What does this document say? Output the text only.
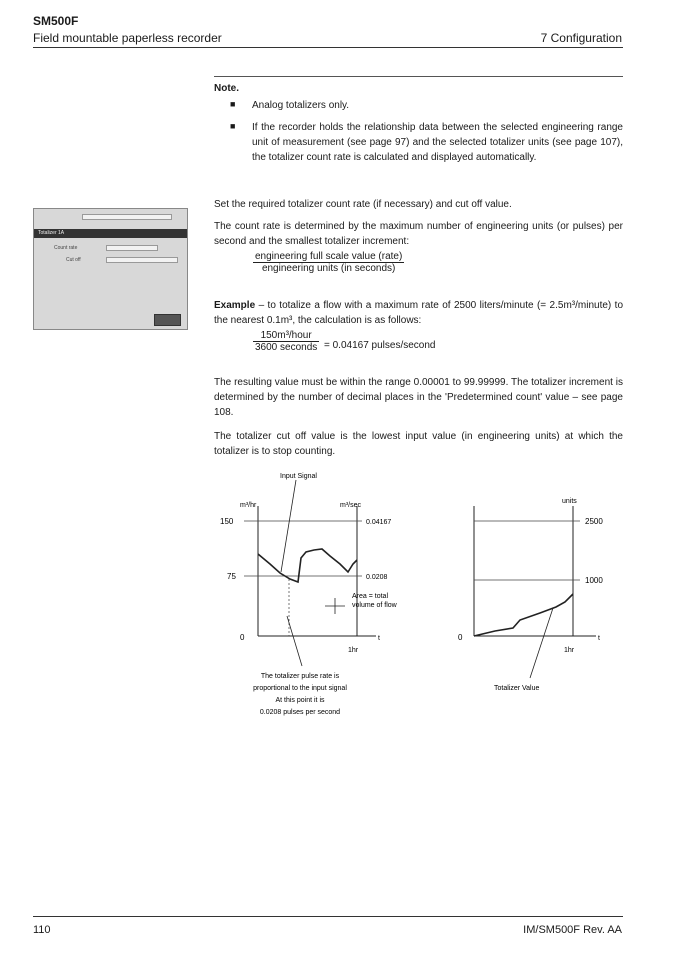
SM500F
Field mountable paperless recorder	7 Configuration
Note.
■ Analog totalizers only.
■ If the recorder holds the relationship data between the selected engineering range unit of measurement (see page 97) and the selected totalizer units (see page 107), the totalizer count rate is calculated and displayed automatically.
Totalizer 1A
Count rate
Cut off
Set the required totalizer count rate (if necessary) and cut off value.
The count rate is determined by the maximum number of engineering units (or pulses) per second and the smallest totalizer increment:
engineering full scale value (rate)
engineering units (in seconds)
Example – to totalize a flow with a maximum rate of 2500 liters/minute (= 2.5m³/minute) to the nearest 0.1m³, the calculation is as follows:
150m³/hour
3600 seconds = 0.04167 pulses/second
The resulting value must be within the range 0.00001 to 99.99999. The totalizer increment is determined by the number of decimal places in the 'Predetermined count' value – see page 108.
The totalizer cut off value is the lowest input value (in engineering units) at which the totalizer is to stop counting.
m³/hr	m³/sec
150
75
0
0.04167
0.0208
t
1hr
Input Signal
Area = total
volume of flow
The totalizer pulse rate is
proportional to the input signal
At this point it is
0.0208 pulses per second
units
2500
1000
0	t
1hr
Totalizer Value
110	IM/SM500F Rev. AA
